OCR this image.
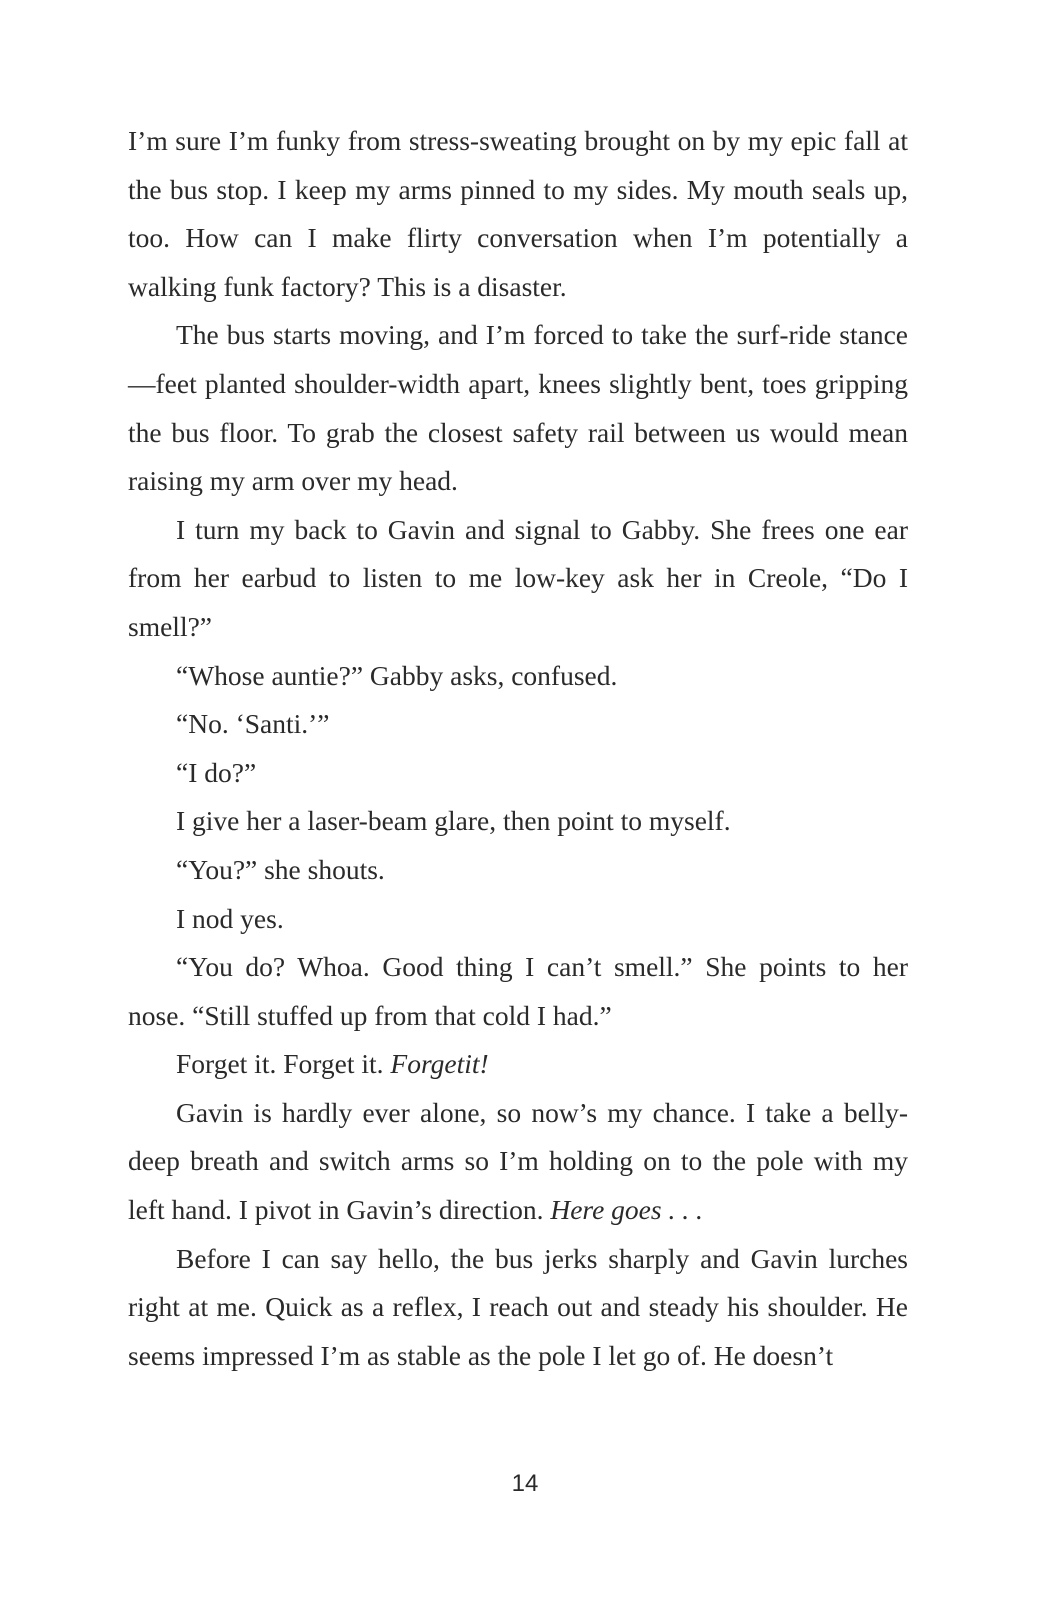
I’m sure I’m funky from stress-sweating brought on by my epic fall at the bus stop. I keep my arms pinned to my sides. My mouth seals up, too. How can I make flirty conversation when I’m potentially a walking funk factory? This is a disaster.

The bus starts moving, and I’m forced to take the surf-ride stance—feet planted shoulder-width apart, knees slightly bent, toes gripping the bus floor. To grab the closest safety rail between us would mean raising my arm over my head.

I turn my back to Gavin and signal to Gabby. She frees one ear from her earbud to listen to me low-key ask her in Creole, “Do I smell?”

“Whose auntie?” Gabby asks, confused.

“No. ‘Santi.’”

“I do?”

I give her a laser-beam glare, then point to myself.

“You?” she shouts.

I nod yes.

“You do? Whoa. Good thing I can’t smell.” She points to her nose. “Still stuffed up from that cold I had.”

Forget it. Forget it. Forgetit!

Gavin is hardly ever alone, so now’s my chance. I take a belly-deep breath and switch arms so I’m holding on to the pole with my left hand. I pivot in Gavin’s direction. Here goes . . .

Before I can say hello, the bus jerks sharply and Gavin lurches right at me. Quick as a reflex, I reach out and steady his shoulder. He seems impressed I’m as stable as the pole I let go of. He doesn’t

14
